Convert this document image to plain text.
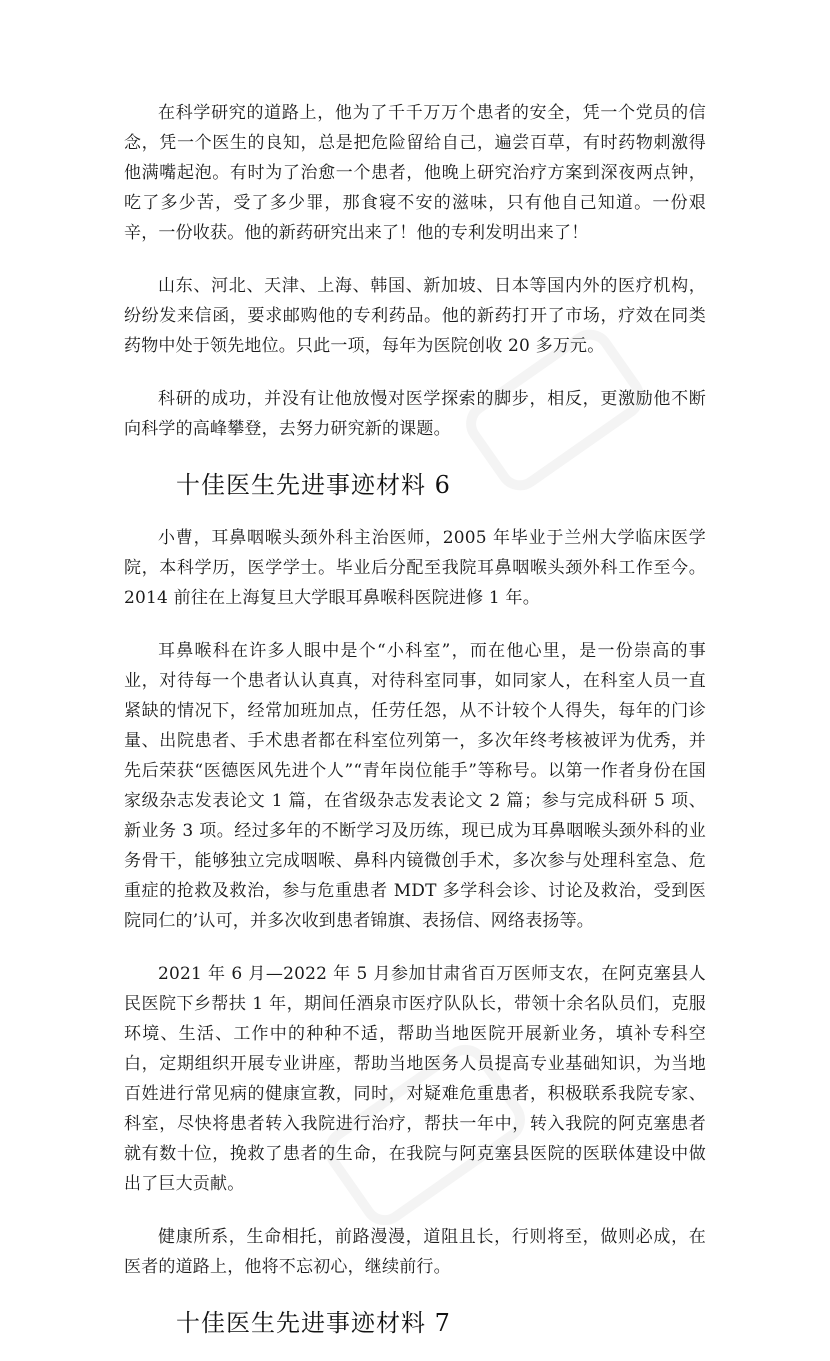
在科学研究的道路上，他为了千千万万个患者的安全，凭一个党员的信念，凭一个医生的良知，总是把危险留给自己，遍尝百草，有时药物刺激得他满嘴起泡。有时为了治愈一个患者，他晚上研究治疗方案到深夜两点钟，吃了多少苦，受了多少罪，那食寝不安的滋味，只有他自己知道。一份艰辛，一份收获。他的新药研究出来了！他的专利发明出来了！

山东、河北、天津、上海、韩国、新加坡、日本等国内外的医疗机构，纷纷发来信函，要求邮购他的专利药品。他的新药打开了市场，疗效在同类药物中处于领先地位。只此一项，每年为医院创收 20 多万元。

科研的成功，并没有让他放慢对医学探索的脚步，相反，更激励他不断向科学的高峰攀登，去努力研究新的课题。

十佳医生先进事迹材料 6

小曹，耳鼻咽喉头颈外科主治医师，2005 年毕业于兰州大学临床医学院，本科学历，医学学士。毕业后分配至我院耳鼻咽喉头颈外科工作至今。2014 前往在上海复旦大学眼耳鼻喉科医院进修 1 年。

耳鼻喉科在许多人眼中是个“小科室”，而在他心里，是一份崇高的事业，对待每一个患者认认真真，对待科室同事，如同家人，在科室人员一直紧缺的情况下，经常加班加点，任劳任怨，从不计较个人得失，每年的门诊量、出院患者、手术患者都在科室位列第一，多次年终考核被评为优秀，并先后荣获“医德医风先进个人”“青年岗位能手”等称号。以第一作者身份在国家级杂志发表论文 1 篇，在省级杂志发表论文 2 篇；参与完成科研 5 项、新业务 3 项。经过多年的不断学习及历练，现已成为耳鼻咽喉头颈外科的业务骨干，能够独立完成咽喉、鼻科内镜微创手术，多次参与处理科室急、危重症的抢救及救治，参与危重患者 MDT 多学科会诊、讨论及救治，受到医院同仁的’认可，并多次收到患者锦旗、表扬信、网络表扬等。

2021 年 6 月—2022 年 5 月参加甘肃省百万医师支农，在阿克塞县人民医院下乡帮扶 1 年，期间任酒泉市医疗队队长，带领十余名队员们，克服环境、生活、工作中的种种不适，帮助当地医院开展新业务，填补专科空白，定期组织开展专业讲座，帮助当地医务人员提高专业基础知识，为当地百姓进行常见病的健康宣教，同时，对疑难危重患者，积极联系我院专家、科室，尽快将患者转入我院进行治疗，帮扶一年中，转入我院的阿克塞患者就有数十位，挽救了患者的生命，在我院与阿克塞县医院的医联体建设中做出了巨大贡献。

健康所系，生命相托，前路漫漫，道阻且长，行则将至，做则必成，在医者的道路上，他将不忘初心，继续前行。

十佳医生先进事迹材料 7
